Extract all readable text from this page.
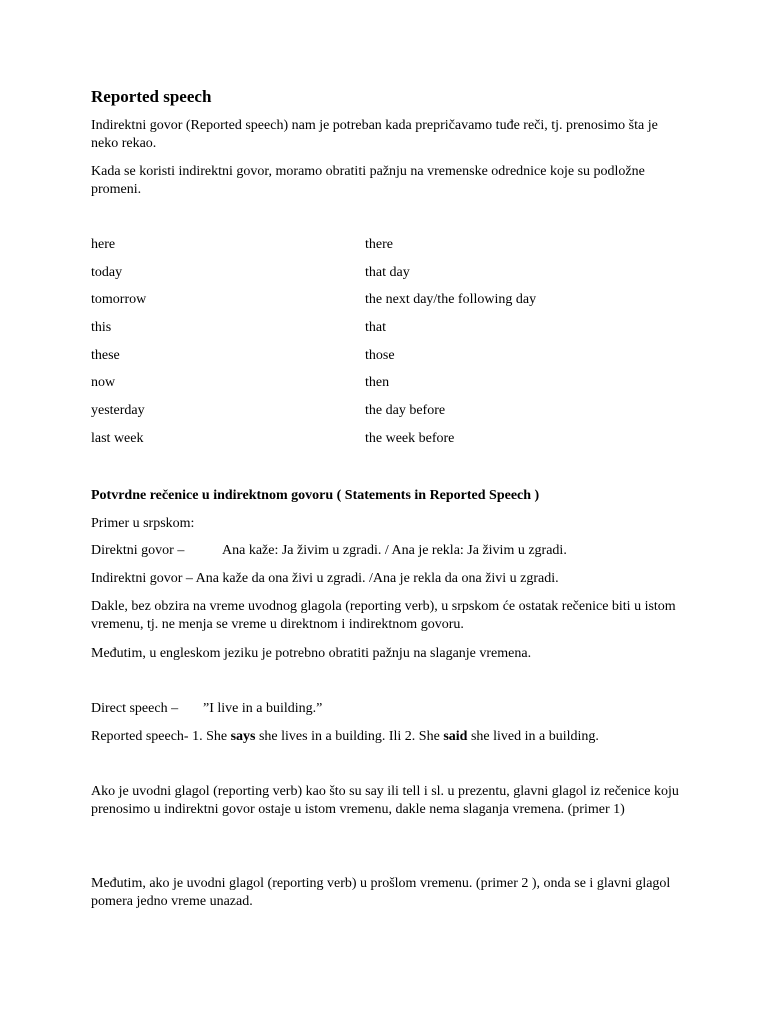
Reported speech

Indirektni govor (Reported speech) nam je potreban kada prepričavamo tuđe reči, tj. prenosimo šta je neko rekao.

Kada se koristi indirektni govor, moramo obratiti pažnju na vremenske odrednice koje su podložne promeni.

here	there
today	that day
tomorrow	the next day/the following day
this	that
these	those
now	then
yesterday	the day before
last week	the week before

Potvrdne rečenice u indirektnom govoru ( Statements in Reported Speech )

Primer u srpskom:

Direktni govor –	Ana kaže: Ja živim u zgradi. / Ana je rekla: Ja živim u zgradi.

Indirektni govor – Ana kaže da ona živi u zgradi. /Ana je rekla da ona živi u zgradi.

Dakle, bez obzira na vreme uvodnog glagola (reporting verb), u srpskom će ostatak rečenice biti u istom vremenu, tj. ne menja se vreme u direktnom i indirektnom govoru.

Međutim, u engleskom jeziku je potrebno obratiti pažnju na slaganje vremena.

Direct speech – ”I live in a building.”

Reported speech- 1. She says she lives in a building. Ili 2. She said she lived in a building.

Ako je uvodni glagol (reporting verb) kao što su say ili tell i sl. u prezentu, glavni glagol iz rečenice koju prenosimo u indirektni govor ostaje u istom vremenu, dakle nema slaganja vremena. (primer 1)

Međutim, ako je uvodni glagol (reporting verb) u prošlom vremenu. (primer 2 ), onda se i glavni glagol pomera jedno vreme unazad.
